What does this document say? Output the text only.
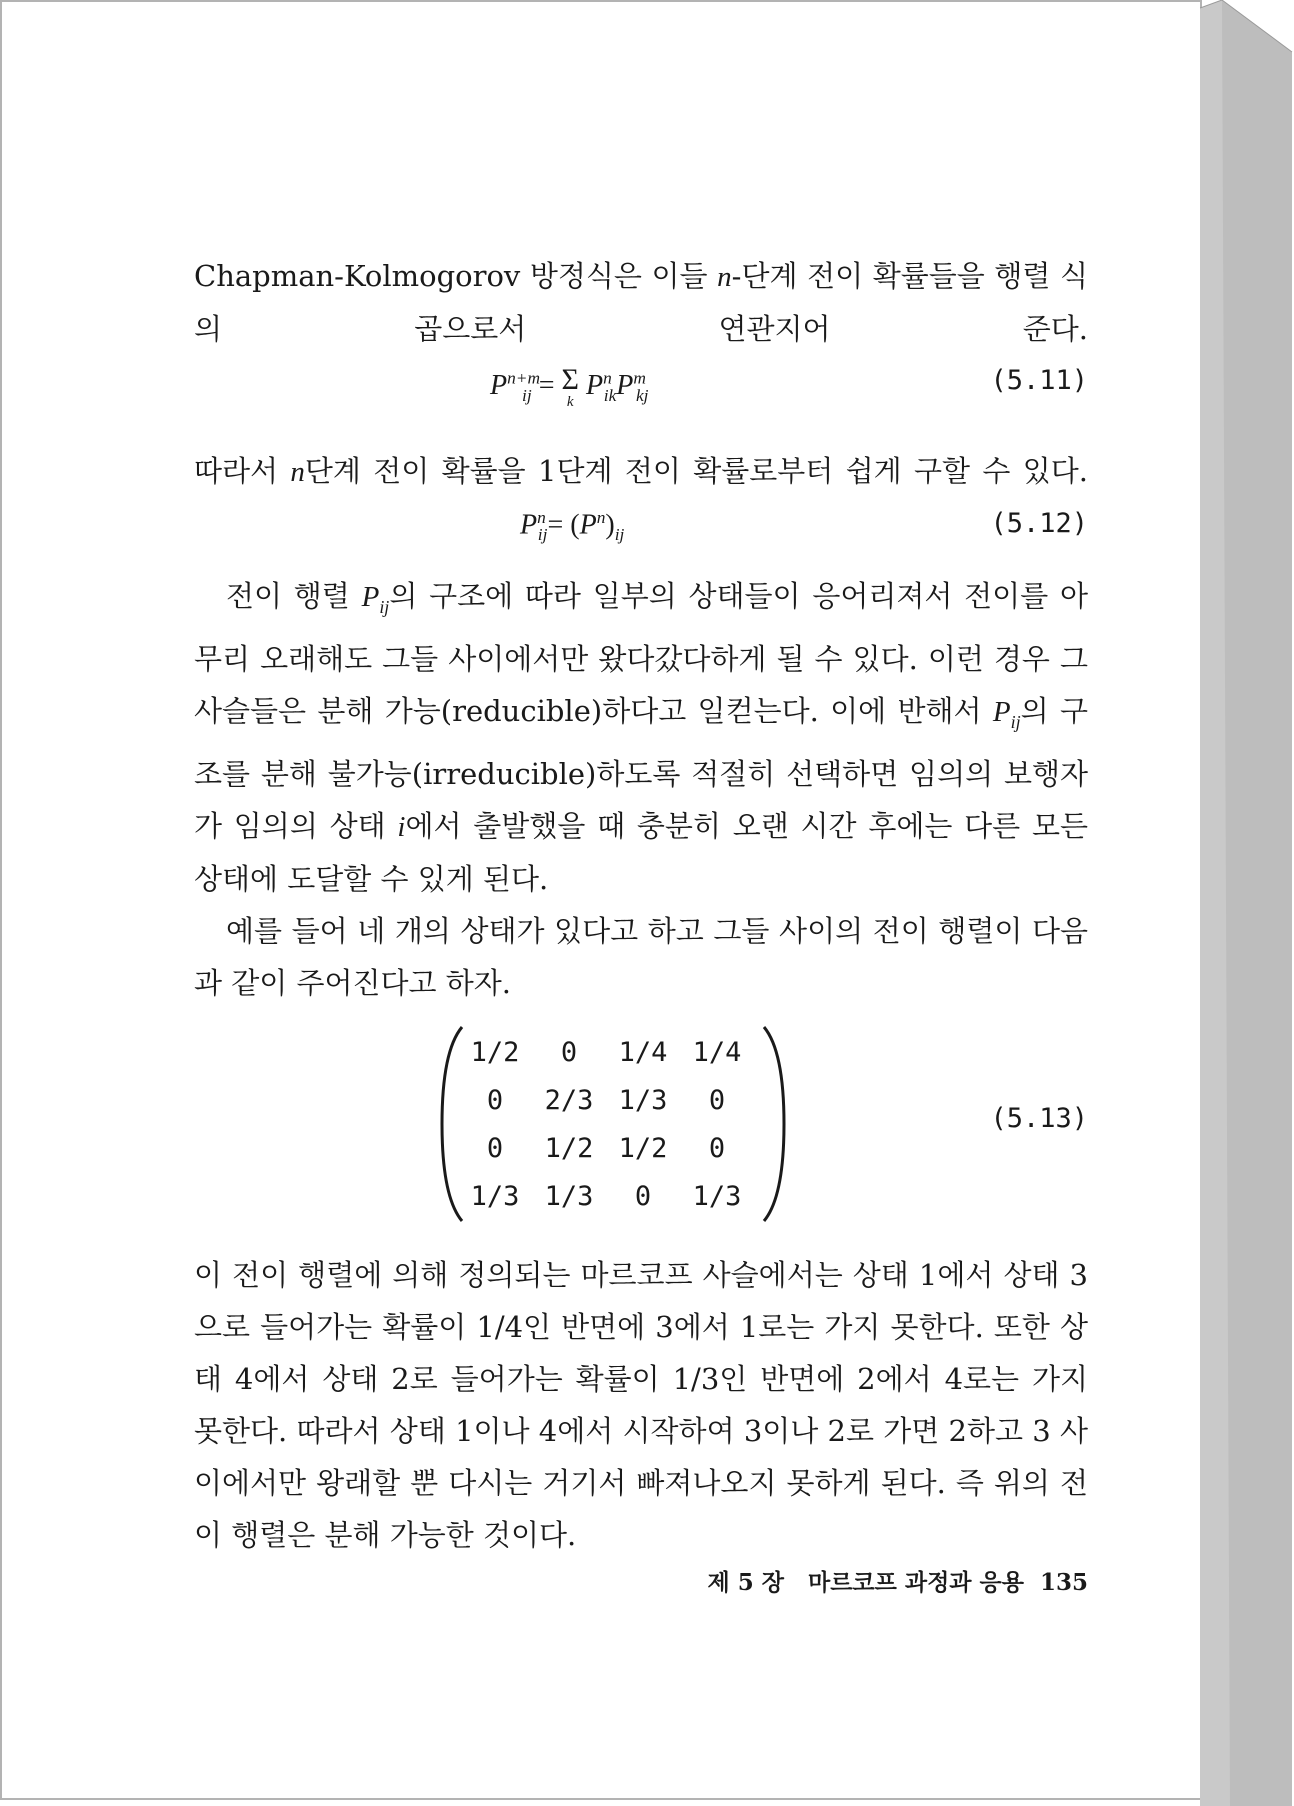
Chapman-Kolmogorov 방정식은 이들 n-단계 전이 확률들을 행렬 식의 곱으로서 연관지어 준다.

$P^{n+m}_{ij} = \Sigma$
k
$P^n_{ik}P^m_{kj}$	(5.11)

따라서 n단계 전이 확률을 1단계 전이 확률로부터 쉽게 구할 수 있다.

$P^n_{ij}= (P^n)_{ij}$	(5.12)

전이 행렬 $P_{ij}$의 구조에 따라 일부의 상태들이 응어리져서 전이를 아무리 오래해도 그들 사이에서만 왔다갔다하게 될 수 있다. 이런 경우 그 사슬들은 분해 가능(reducible)하다고 일컫는다. 이에 반해서 $P_{ij}$의 구조를 분해 불가능(irreducible)하도록 적절히 선택하면 임의의 보행자가 임의의 상태 i에서 출발했을 때 충분히 오랜 시간 후에는 다른 모든 상태에 도달할 수 있게 된다.

예를 들어 네 개의 상태가 있다고 하고 그들 사이의 전이 행렬이 다음과 같이 주어진다고 하자.

1/2	0	1/4	1/4
0	2/3	1/3	0
0	1/2	1/2	0
1/3	1/3	0	1/3
(5.13)

이 전이 행렬에 의해 정의되는 마르코프 사슬에서는 상태 1에서 상태 3으로 들어가는 확률이 1/4인 반면에 3에서 1로는 가지 못한다. 또한 상태 4에서 상태 2로 들어가는 확률이 1/3인 반면에 2에서 4로는 가지 못한다. 따라서 상태 1이나 4에서 시작하여 3이나 2로 가면 2하고 3 사이에서만 왕래할 뿐 다시는 거기서 빠져나오지 못하게 된다. 즉 위의 전이 행렬은 분해 가능한 것이다.

제 5 장 마르코프 과정과 응용 135
